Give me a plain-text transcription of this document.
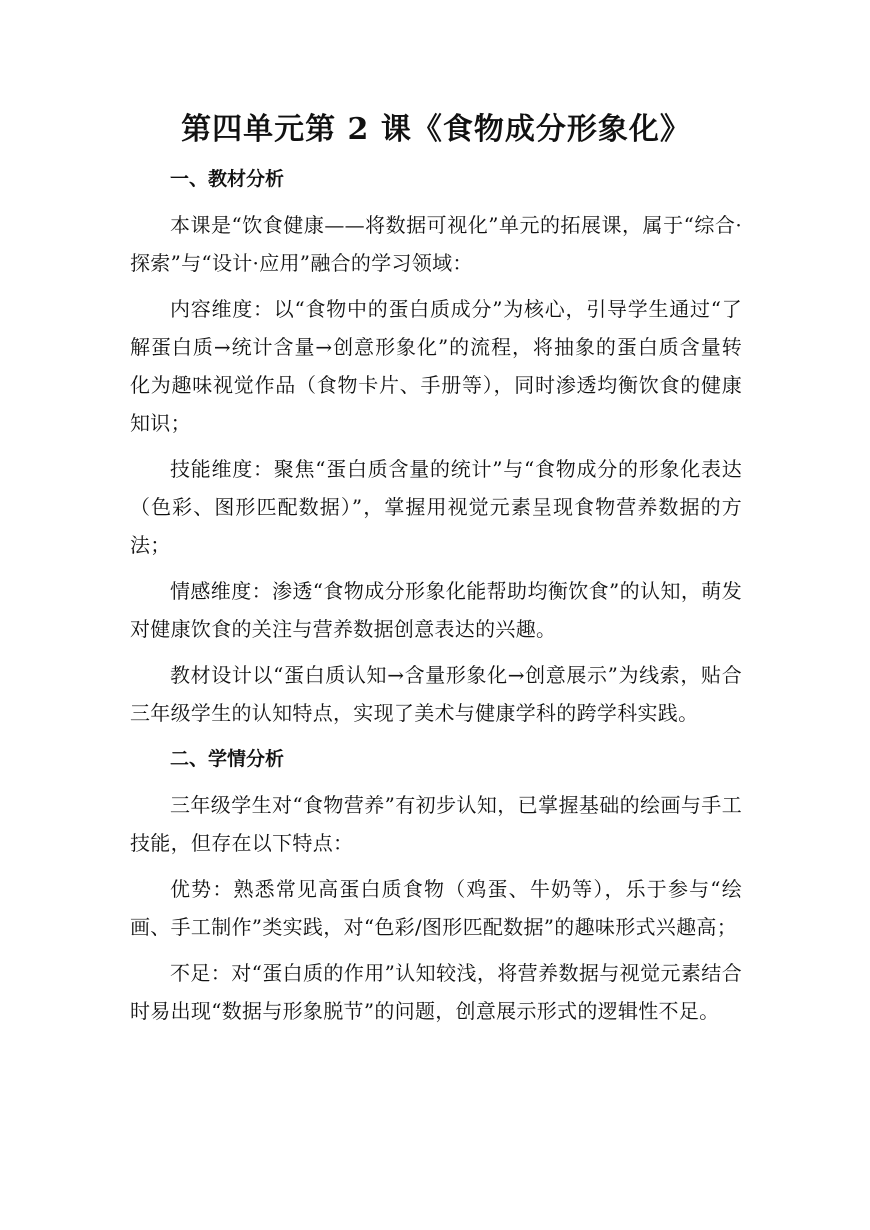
第四单元第 2 课《食物成分形象化》
一、教材分析

本课是“饮食健康——将数据可视化”单元的拓展课，属于“综合·探索”与“设计·应用”融合的学习领域：

内容维度：以“食物中的蛋白质成分”为核心，引导学生通过“了解蛋白质→统计含量→创意形象化”的流程，将抽象的蛋白质含量转化为趣味视觉作品（食物卡片、手册等），同时渗透均衡饮食的健康知识；

技能维度：聚焦“蛋白质含量的统计”与“食物成分的形象化表达（色彩、图形匹配数据）”，掌握用视觉元素呈现食物营养数据的方法；

情感维度：渗透“食物成分形象化能帮助均衡饮食”的认知，萌发对健康饮食的关注与营养数据创意表达的兴趣。

教材设计以“蛋白质认知→含量形象化→创意展示”为线索，贴合三年级学生的认知特点，实现了美术与健康学科的跨学科实践。

二、学情分析

三年级学生对“食物营养”有初步认知，已掌握基础的绘画与手工技能，但存在以下特点：

优势：熟悉常见高蛋白质食物（鸡蛋、牛奶等），乐于参与“绘画、手工制作”类实践，对“色彩/图形匹配数据”的趣味形式兴趣高；

不足：对“蛋白质的作用”认知较浅，将营养数据与视觉元素结合时易出现“数据与形象脱节”的问题，创意展示形式的逻辑性不足。
